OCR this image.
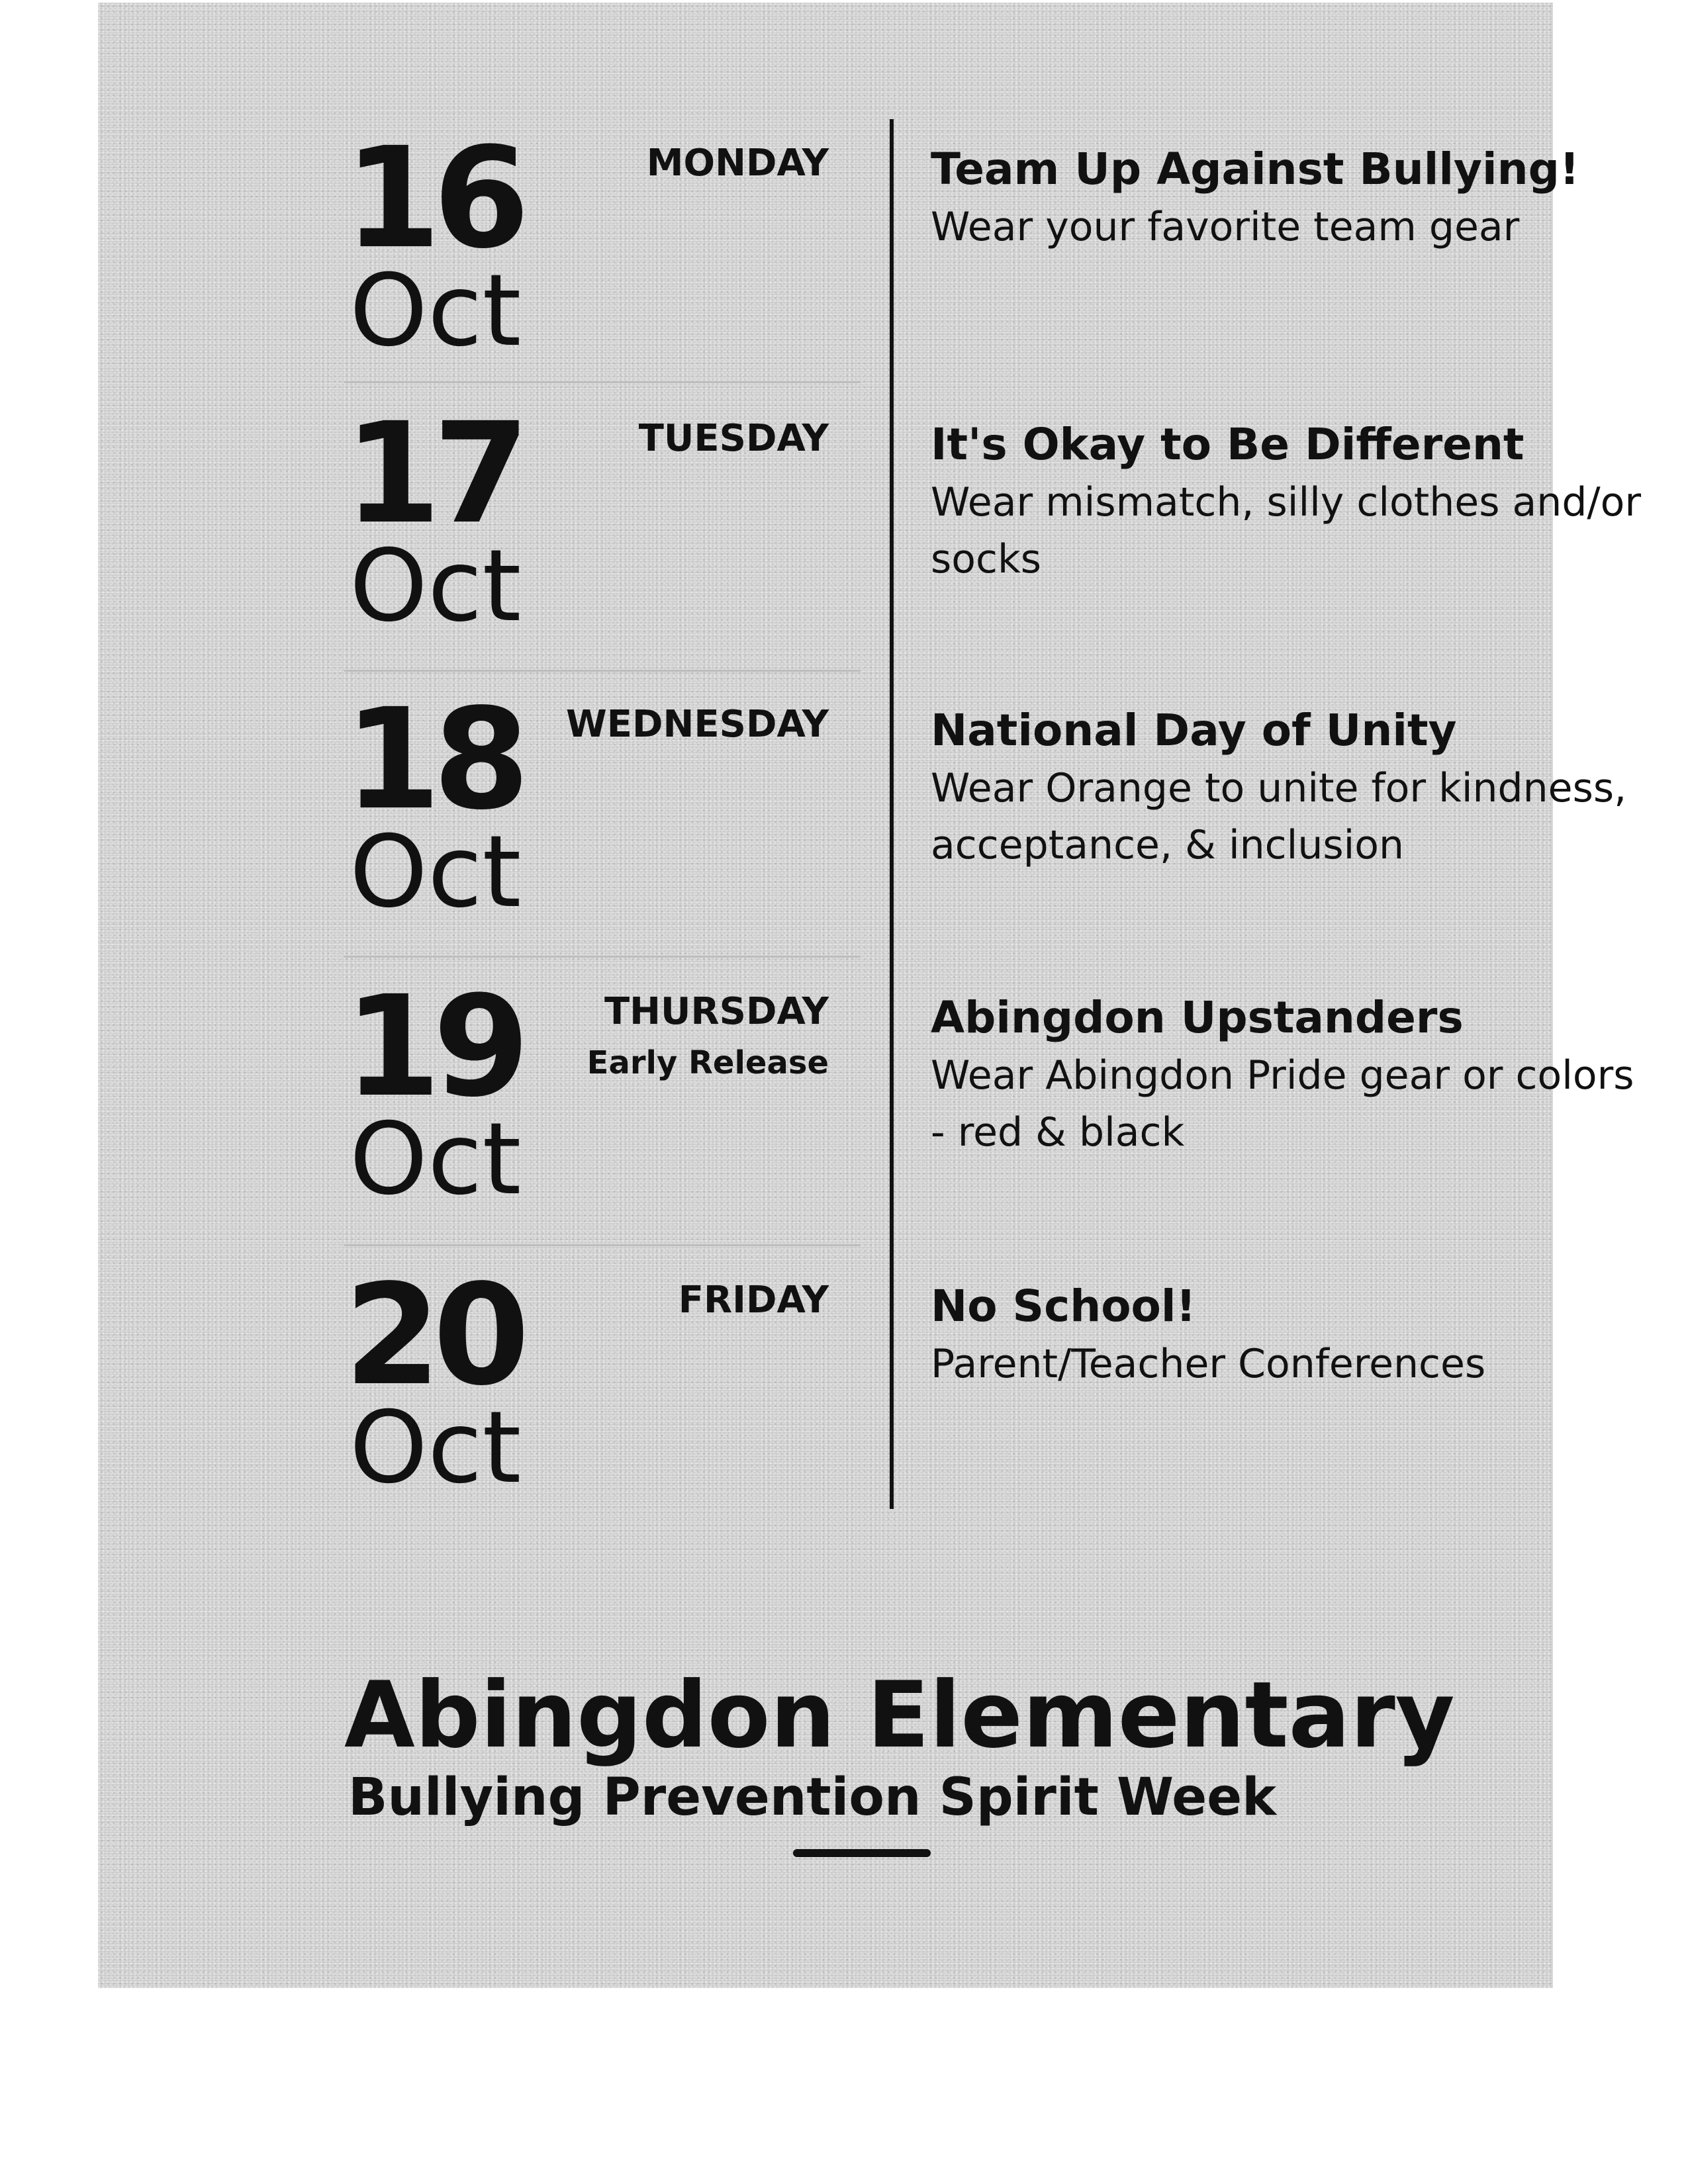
16
Oct
MONDAY Team Up Against Bullying!
Wear your favorite team gear
17
Oct
TUESDAY It's Okay to Be Different
Wear mismatch, silly clothes and/or socks
18
Oct
WEDNESDAY National Day of Unity
Wear Orange to unite for kindness, acceptance, & inclusion
19
Oct
THURSDAY
Early Release
Abingdon Upstanders
Wear Abingdon Pride gear or colors - red & black
20
Oct
FRIDAY No School!
Parent/Teacher Conferences
Abingdon Elementary
Bullying Prevention Spirit Week
